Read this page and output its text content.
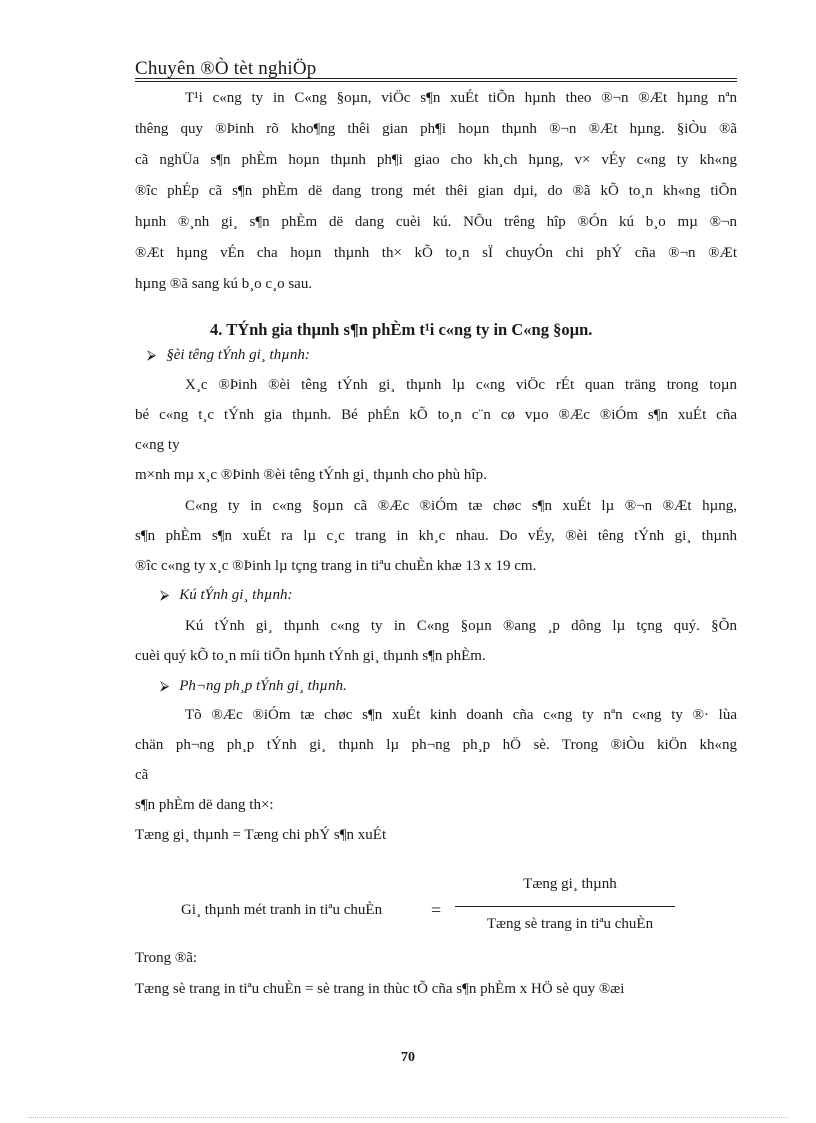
Chuyên ®Ò tèt nghiÖp
T¹i c«ng ty in C«ng §oµn, viÖc s¶n xuÉt tiÕn hµnh theo ®¬n ®Æt hµng nªn
thêng quy ®Þinh rõ kho¶ng thêi gian ph¶i hoµn thµnh ®¬n ®Æt hµng. §iÒu ®ã
cã nghÜa s¶n phÈm hoµn thµnh ph¶i giao cho kh¸ch hµng, v× vÉy c«ng ty kh«ng
®îc phÉp cã s¶n phÈm dë dang trong mét thêi gian dµi, do ®ã kÕ to¸n kh«ng tiÕn
hµnh ®¸nh gi¸ s¶n phÈm dë dang cuèi kú. NÕu trêng hîp ®Ón kú b¸o mµ ®¬n
®Æt hµng vÉn cha hoµn thµnh th× kÕ to¸n sÏ chuyÓn chi phÝ cña ®¬n ®Æt
hµng ®ã sang kú b¸o c¸o sau.
4. TÝnh gia thµnh s¶n phÈm t¹i c«ng ty in C«ng §oµn.
⮚ §èi têng tÝnh gi¸ thµnh:
X¸c ®Þinh ®èi têng tÝnh gi¸ thµnh lµ c«ng viÖc rÉt quan träng trong toµn
bé c«ng t¸c tÝnh gia thµnh. Bé phÉn kÕ to¸n c¨n cø vµo ®Æc ®iÓm s¶n xuÉt cña
c«ng ty
m×nh mµ x¸c ®Þinh ®èi têng tÝnh gi¸ thµnh cho phù hîp.
C«ng ty in c«ng §oµn cã ®Æc ®iÓm tæ chøc s¶n xuÉt lµ ®¬n ®Æt hµng,
s¶n phÈm s¶n xuÉt ra lµ c¸c trang in kh¸c nhau. Do vÉy, ®èi têng tÝnh gi¸ thµnh
®îc c«ng ty x¸c ®Þinh lµ tçng trang in tiªu chuÈn khæ 13 x 19 cm.
⮚ Kú tÝnh gi¸ thµnh:
Kú tÝnh gi¸ thµnh c«ng ty in C«ng §oµn ®ang ¸p dông lµ tçng quý. §Õn
cuèi quý kÕ to¸n míi tiÕn hµnh tÝnh gi¸ thµnh s¶n phÈm.
⮚ Ph¬ng ph¸p tÝnh gi¸ thµnh.
Tõ ®Æc ®iÓm tæ chøc s¶n xuÉt kinh doanh cña c«ng ty nªn c«ng ty ®· lùa
chän ph¬ng ph¸p tÝnh gi¸ thµnh lµ ph¬ng ph¸p hÖ sè. Trong ®iÒu kiÖn kh«ng
cã
s¶n phÈm dë dang th×:
Tæng gi¸ thµnh = Tæng chi phÝ s¶n xuÉt
Gi¸ thµnh mét tranh in tiªu chuÈn	=
Tæng gi¸ thµnh
Tæng sè trang in tiªu chuÈn
Trong ®ã:
Tæng sè trang in tiªu chuÈn = sè trang in thùc tÕ cña s¶n phÈm x HÖ sè quy ®æi
70
